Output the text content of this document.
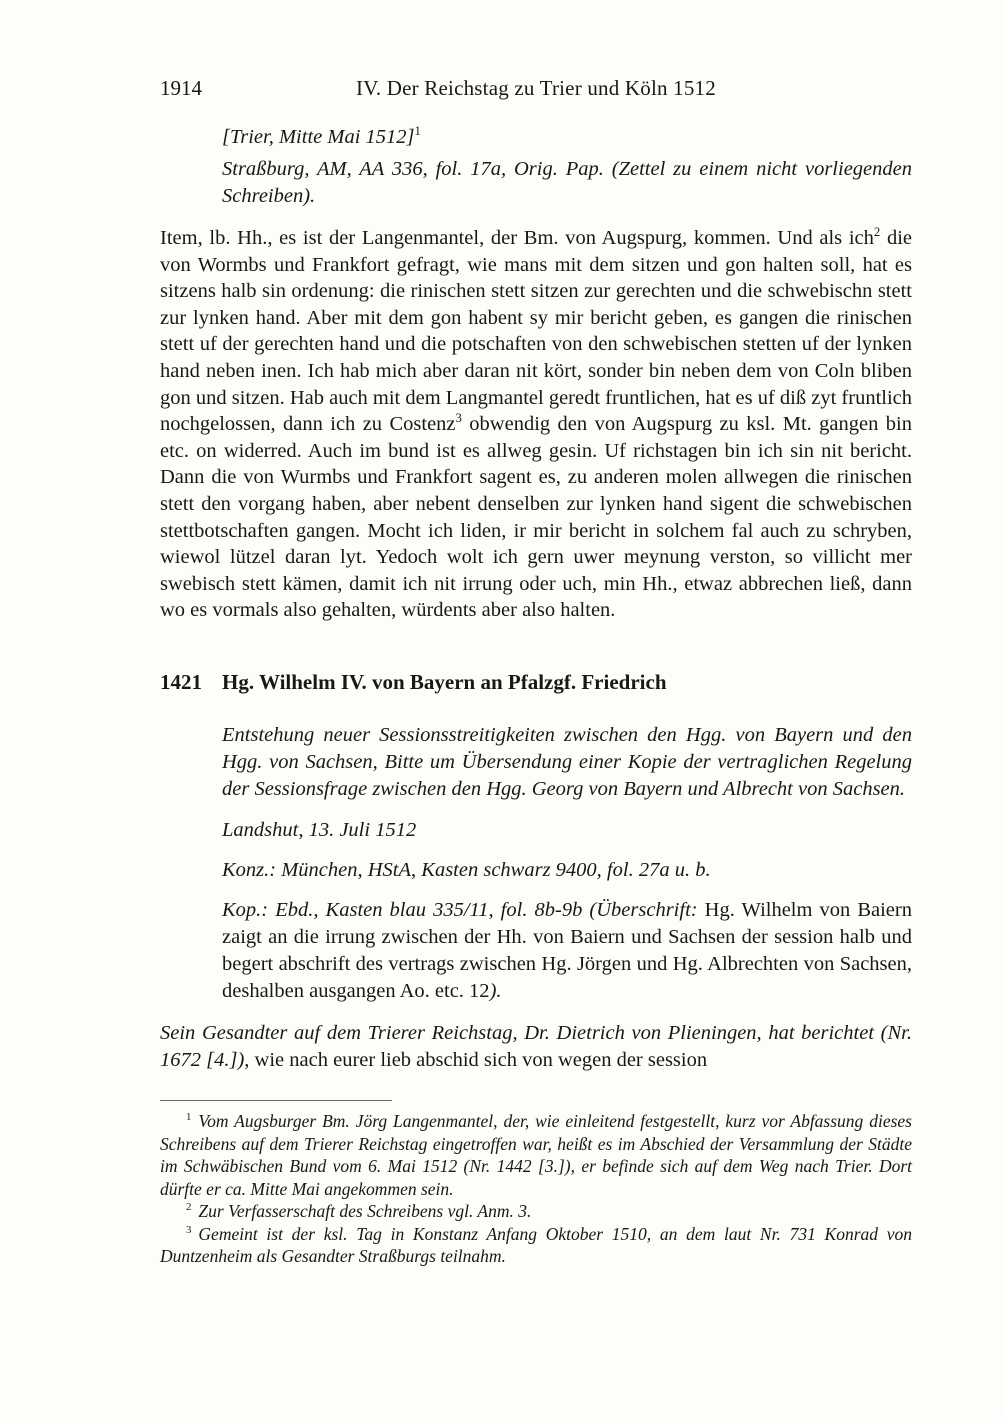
1914	IV. Der Reichstag zu Trier und Köln 1512

[Trier, Mitte Mai 1512]$^1$

Straßburg, AM, AA 336, fol. 17a, Orig. Pap. (Zettel zu einem nicht vorliegenden Schreiben).

Item, lb. Hh., es ist der Langenmantel, der Bm. von Augspurg, kommen. Und als ich$^2$ die von Wormbs und Frankfort gefragt, wie mans mit dem sitzen und gon halten soll, hat es sitzens halb sin ordenung: die rinischen stett sitzen zur gerechten und die schwebischn stett zur lynken hand. Aber mit dem gon habent sy mir bericht geben, es gangen die rinischen stett uf der gerechten hand und die potschaften von den schwebischen stetten uf der lynken hand neben inen. Ich hab mich aber daran nit kört, sonder bin neben dem von Coln bliben gon und sitzen. Hab auch mit dem Langmantel geredt fruntlichen, hat es uf diß zyt fruntlich nochgelossen, dann ich zu Costenz$^3$ obwendig den von Augspurg zu ksl. Mt. gangen bin etc. on widerred. Auch im bund ist es allweg gesin. Uf richstagen bin ich sin nit bericht. Dann die von Wurmbs und Frankfort sagent es, zu anderen molen allwegen die rinischen stett den vorgang haben, aber nebent denselben zur lynken hand sigent die schwebischen stettbotschaften gangen. Mocht ich liden, ir mir bericht in solchem fal auch zu schryben, wiewol lützel daran lyt. Yedoch wolt ich gern uwer meynung verston, so villicht mer swebisch stett kämen, damit ich nit irrung oder uch, min Hh., etwaz abbrechen ließ, dann wo es vormals also gehalten, würdents aber also halten.

1421 Hg. Wilhelm IV. von Bayern an Pfalzgf. Friedrich

Entstehung neuer Sessionsstreitigkeiten zwischen den Hgg. von Bayern und den Hgg. von Sachsen, Bitte um Übersendung einer Kopie der vertraglichen Regelung der Sessionsfrage zwischen den Hgg. Georg von Bayern und Albrecht von Sachsen.

Landshut, 13. Juli 1512

Konz.: München, HStA, Kasten schwarz 9400, fol. 27a u. b.

Kop.: Ebd., Kasten blau 335/11, fol. 8b-9b (Überschrift: Hg. Wilhelm von Baiern zaigt an die irrung zwischen der Hh. von Baiern und Sachsen der session halb und begert abschrift des vertrags zwischen Hg. Jörgen und Hg. Albrechten von Sachsen, deshalben ausgangen Ao. etc. 12).

Sein Gesandter auf dem Trierer Reichstag, Dr. Dietrich von Plieningen, hat berichtet (Nr. 1672 [4.]), wie nach eurer lieb abschid sich von wegen der session

$^1$ Vom Augsburger Bm. Jörg Langenmantel, der, wie einleitend festgestellt, kurz vor Abfassung dieses Schreibens auf dem Trierer Reichstag eingetroffen war, heißt es im Abschied der Versammlung der Städte im Schwäbischen Bund vom 6. Mai 1512 (Nr. 1442 [3.]), er befinde sich auf dem Weg nach Trier. Dort dürfte er ca. Mitte Mai angekommen sein.

$^2$ Zur Verfasserschaft des Schreibens vgl. Anm. 3.

$^3$ Gemeint ist der ksl. Tag in Konstanz Anfang Oktober 1510, an dem laut Nr. 731 Konrad von Duntzenheim als Gesandter Straßburgs teilnahm.
